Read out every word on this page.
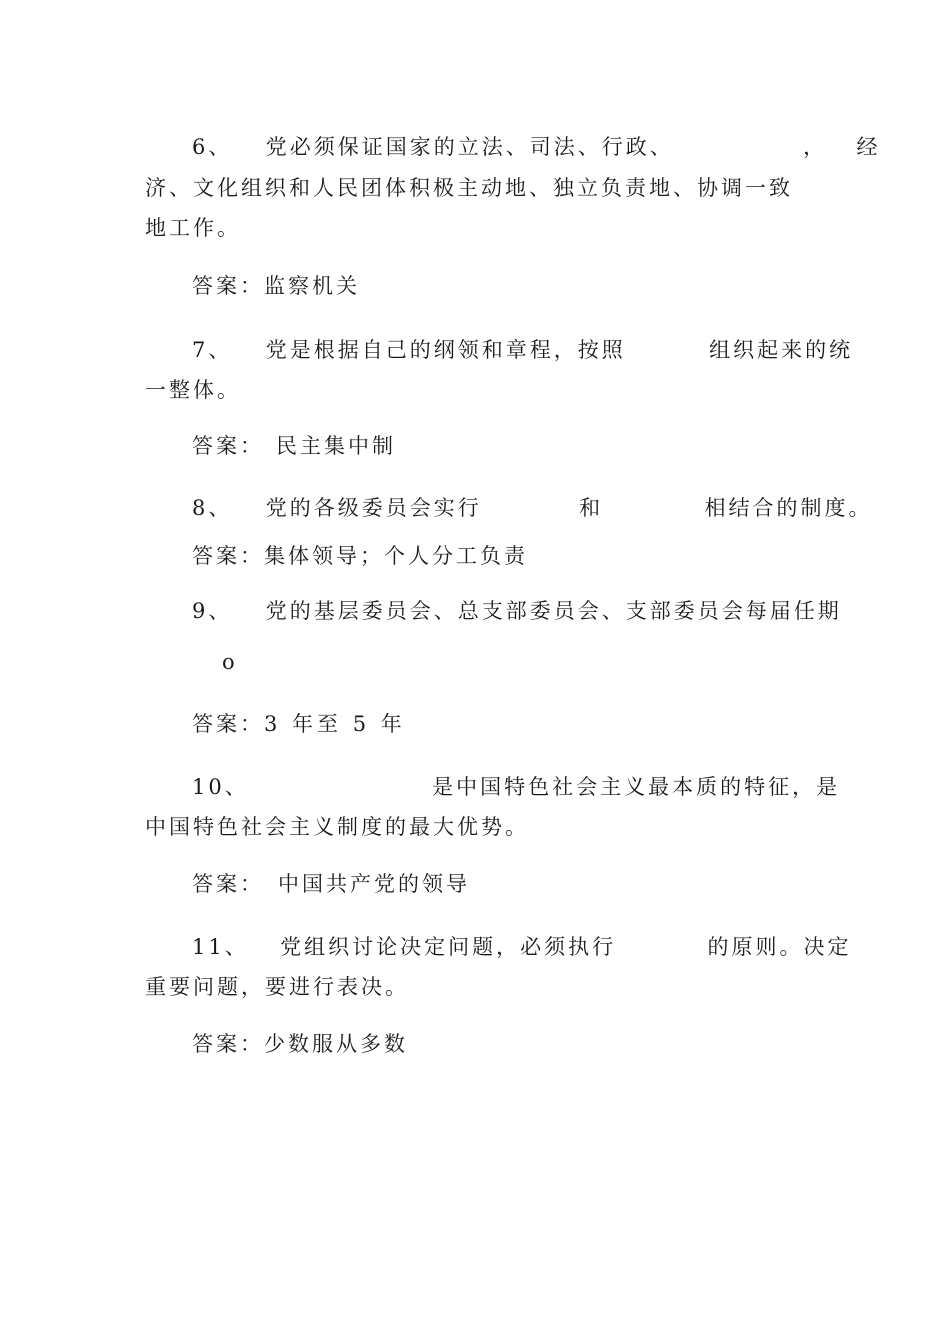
6、 党必须保证国家的立法、司法、行政、	， 经
济、文化组织和人民团体积极主动地、独立负责地、协调一致
地工作。
答案：监察机关
7、 党是根据自己的纲领和章程，按照	组织起来的统
一整体。
答案： 民主集中制
8、 党的各级委员会实行	和	相结合的制度。
答案：集体领导；个人分工负责
9、 党的基层委员会、总支部委员会、支部委员会每届任期
o
答案：3 年至 5 年
10、	是中国特色社会主义最本质的特征，是
中国特色社会主义制度的最大优势。
答案： 中国共产党的领导
11、 党组织讨论决定问题，必须执行	的原则。决定
重要问题，要进行表决。
答案：少数服从多数
